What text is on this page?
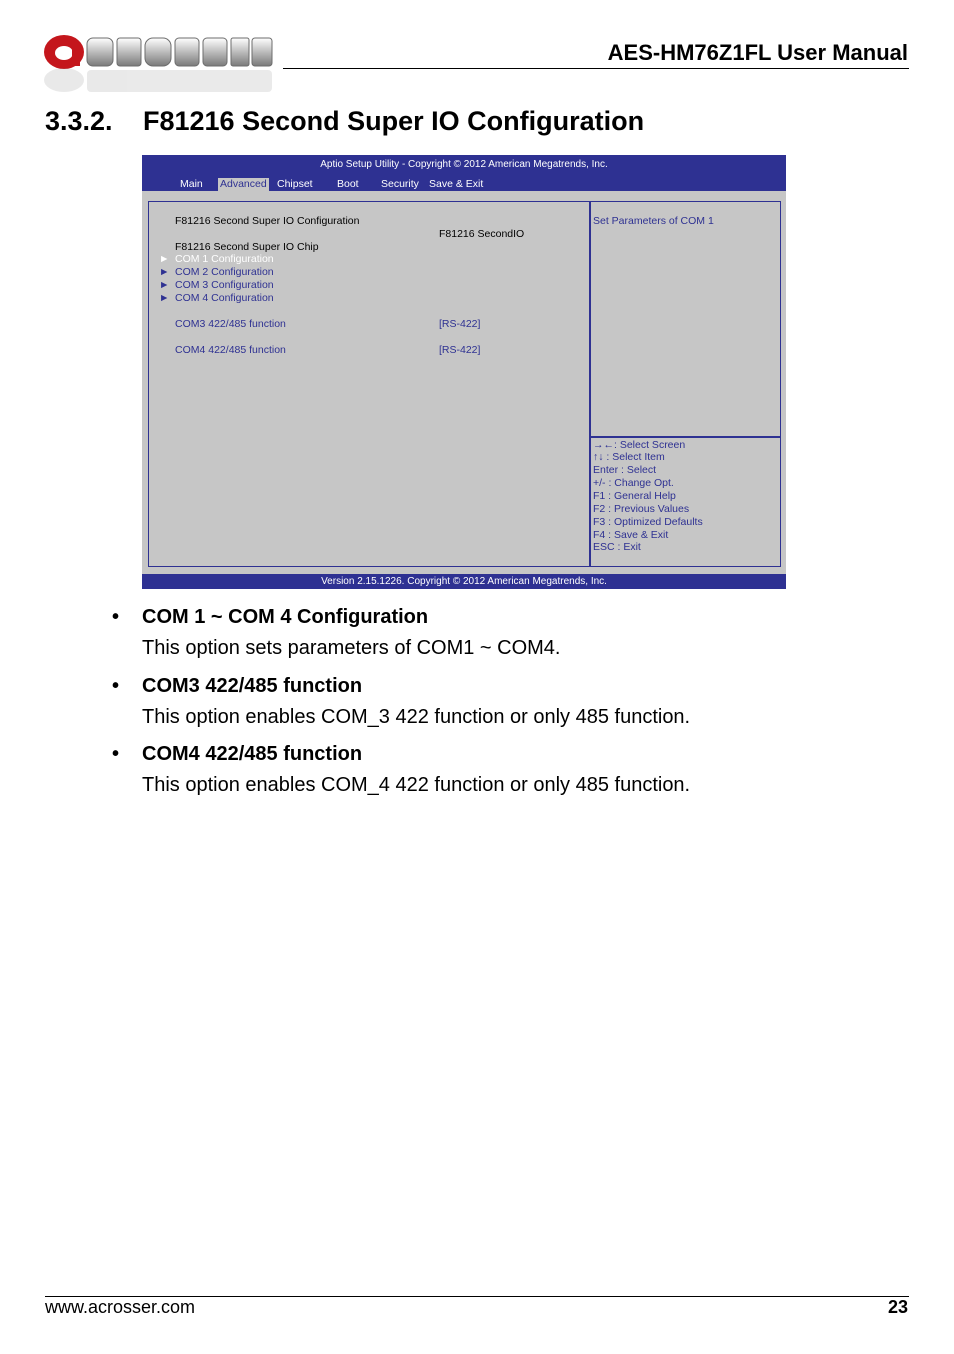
AES-HM76Z1FL User Manual
3.3.2. F81216 Second Super IO Configuration
Aptio Setup Utility - Copyright © 2012 American Megatrends, Inc.
Main Advanced Chipset Boot Security Save & Exit
F81216 Second Super IO Configuration
F81216 SecondIO
F81216 Second Super IO Chip
► COM 1 Configuration
► COM 2 Configuration
► COM 3 Configuration
► COM 4 Configuration
COM3 422/485 function	[RS-422]
COM4 422/485 function	[RS-422]
Set Parameters of COM 1
→←: Select Screen
↑↓ : Select Item
Enter : Select
+/- : Change Opt.
F1 : General Help
F2 : Previous Values
F3 : Optimized Defaults
F4 : Save & Exit
ESC : Exit
Version 2.15.1226. Copyright © 2012 American Megatrends, Inc.
• COM 1 ~ COM 4 Configuration
This option sets parameters of COM1 ~ COM4.
• COM3 422/485 function
This option enables COM_3 422 function or only 485 function.
• COM4 422/485 function
This option enables COM_4 422 function or only 485 function.
www.acrosser.com	23
